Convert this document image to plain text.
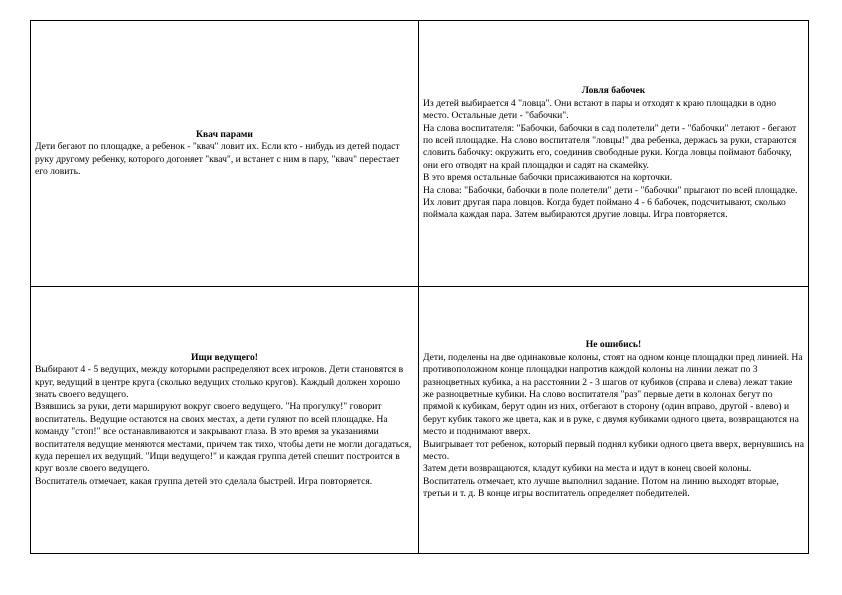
Квач парами

Дети бегают по площадке, а ребенок - "квач" ловит их. Если кто - нибудь из детей подаст руку другому ребенку, которого догоняет "квач", и встанет с ним в пару, "квач" перестает его ловить.

Ловля бабочек

Из детей выбирается 4 "ловца". Они встают в пары и отходят к краю площадки в одно место. Остальные дети - "бабочки".

На слова воспитателя: "Бабочки, бабочки в сад полетели" дети - "бабочки" летают - бегают по всей площадке. На слово воспитателя "ловцы!" два ребенка, держась за руки, стараются словить бабочку: окружить его, соединив свободные руки. Когда ловцы поймают бабочку, они его отводят на край площадки и садят на скамейку.

В это время остальные бабочки присаживаются на корточки.

На слова: "Бабочки, бабочки в поле полетели" дети - "бабочки" прыгают по всей площадке. Их ловит другая пара ловцов. Когда будет поймано 4 - 6 бабочек, подсчитывают, сколько поймала каждая пара. Затем выбираются другие ловцы. Игра повторяется.

Ищи ведущего!

Выбирают 4 - 5 ведущих, между которыми распределяют всех игроков. Дети становятся в круг, ведущий в центре круга (сколько ведущих столько кругов). Каждый должен хорошо знать своего ведущего.

Взявшись за руки, дети маршируют вокруг своего ведущего. "На прогулку!" говорит воспитатель. Ведущие остаются на своих местах, а дети гуляют по всей площадке. На команду "стоп!" все останавливаются и закрывают глаза. В это время за указаниями воспитателя ведущие меняются местами, причем так тихо, чтобы дети не могли догадаться, куда перешел их ведущий. "Ищи ведущего!" и каждая группа детей спешит построится в круг возле своего ведущего.

Воспитатель отмечает, какая группа детей это сделала быстрей. Игра повторяется.

Не ошибись!

Дети, поделены на две одинаковые колоны, стоят на одном конце площадки пред линией. На противоположном конце площадки напротив каждой колоны на линии лежат по 3 разноцветных кубика, а на расстоянии 2 - 3 шагов от кубиков (справа и слева) лежат такие же разноцветные кубики. На слово воспитателя "раз" первые дети в колонах бегут по прямой к кубикам, берут один из них, отбегают в сторону (один вправо, другой - влево) и берут кубик такого же цвета, как и в руке, с двумя кубиками одного цвета, возвращаются на место и поднимают вверх.

Выигрывает тот ребенок, который первый поднял кубики одного цвета вверх, вернувшись на место.

Затем дети возвращаются, кладут кубики на места и идут в конец своей колоны. Воспитатель отмечает, кто лучше выполнил задание. Потом на линию выходят вторые, третьи и т. д. В конце игры воспитатель определяет победителей.
